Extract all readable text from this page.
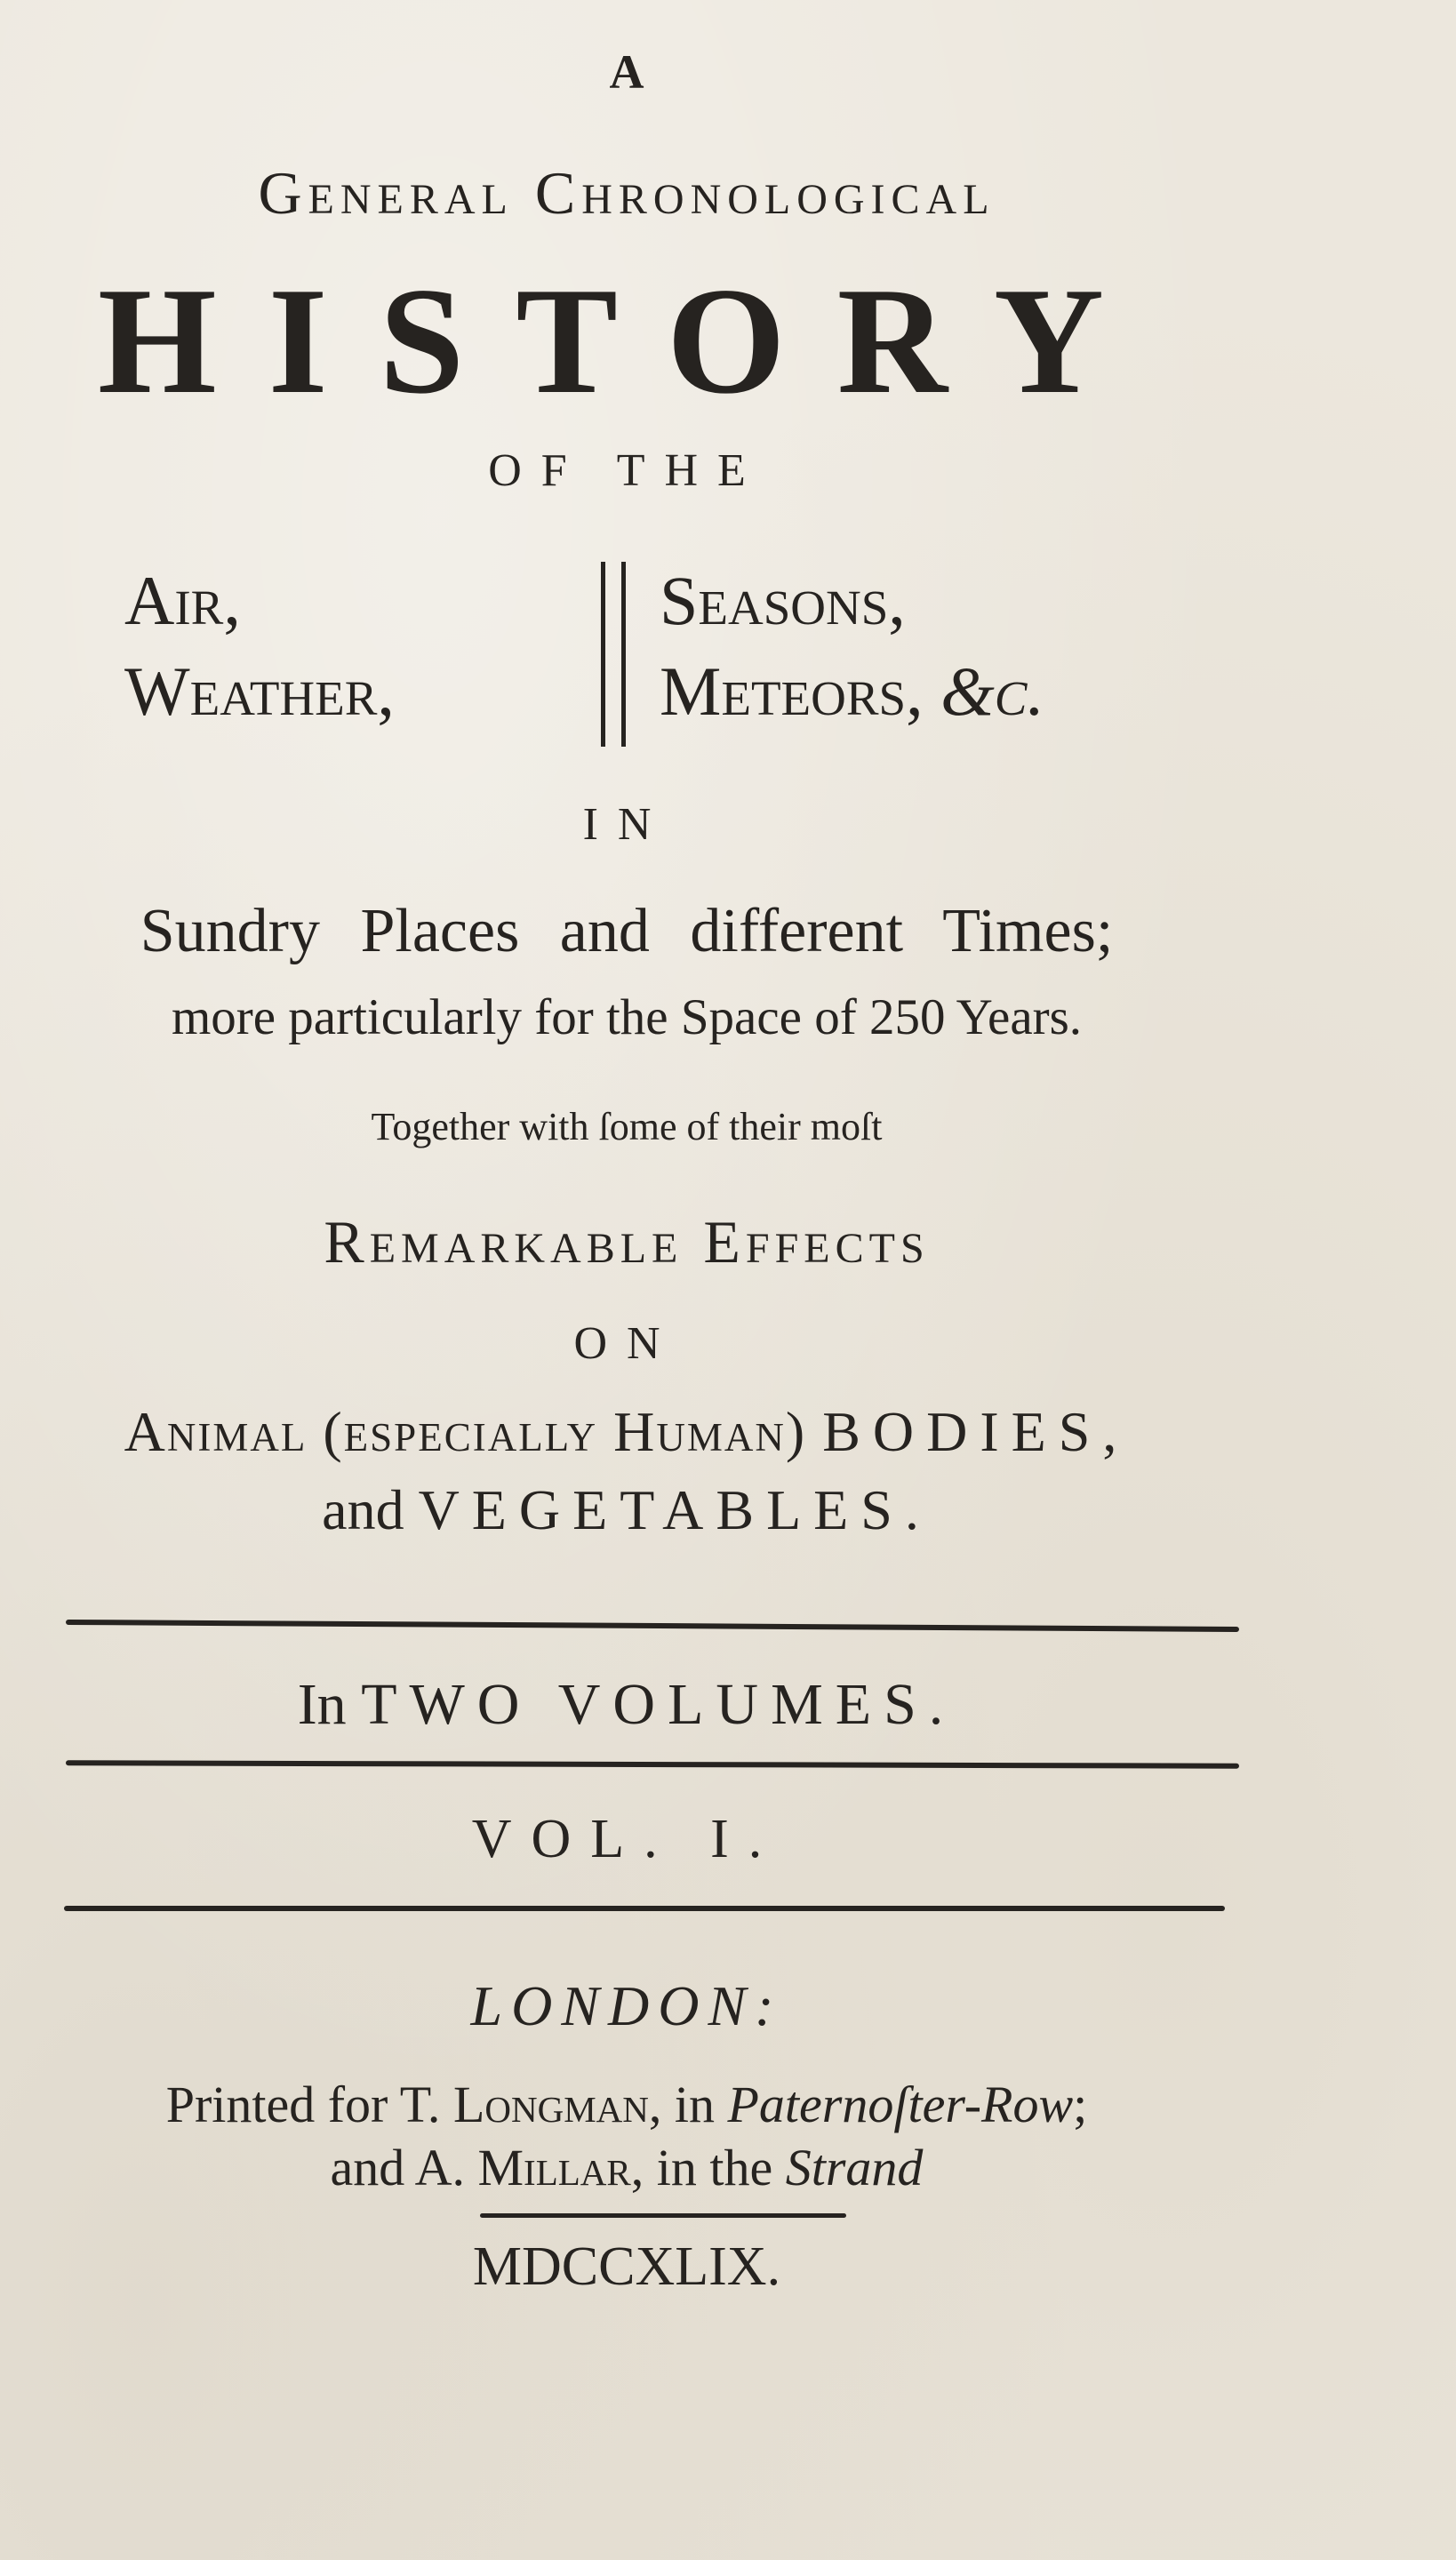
A

General Chronological

HISTORY

OF THE

Air,
Weather,
Seasons,
Meteors, &c.

IN

Sundry Places and different Times;

more particularly for the Space of 250 Years.

Together with ſome of their moſt

Remarkable Effects

ON

Animal (eſpecially Human) BODIES,

and VEGETABLES.

In TWO VOLUMES.

VOL. I.

LONDON:

Printed for T. Longman, in Paternoſter-Row;

and A. Millar, in the Strand

MDCCXLIX.
